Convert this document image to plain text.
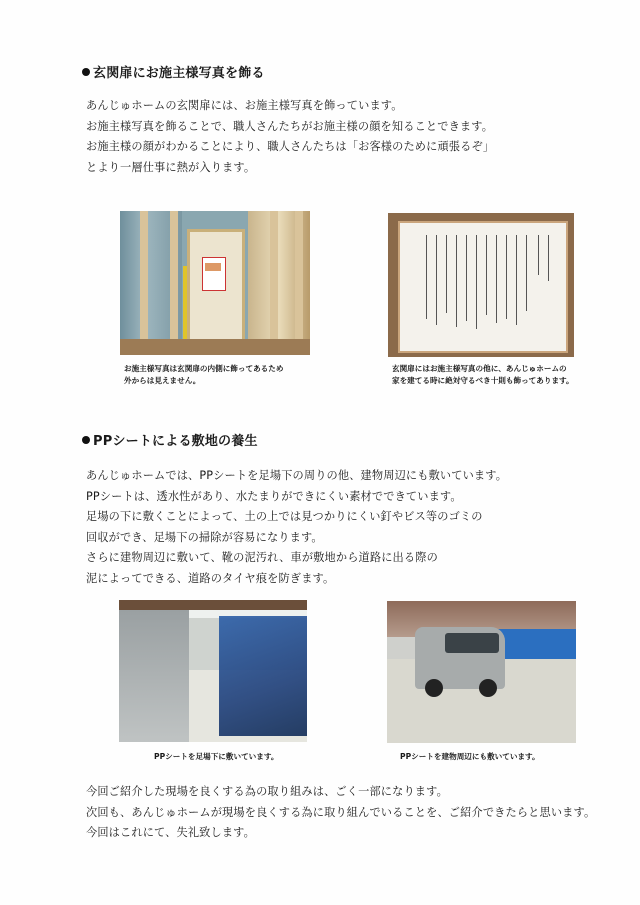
玄関扉にお施主様写真を飾る
あんじゅホームの玄関扉には、お施主様写真を飾っています。
お施主様写真を飾ることで、職人さんたちがお施主様の顔を知ることできます。
お施主様の顔がわかることにより、職人さんたちは「お客様のために頑張るぞ」
とより一層仕事に熱が入ります。
お施主様写真は玄関扉の内側に飾ってあるため
外からは見えません。
玄関扉にはお施主様写真の他に、あんじゅホームの
家を建てる時に絶対守るべき十則も飾ってあります。
PPシートによる敷地の養生
あんじゅホームでは、PPシートを足場下の周りの他、建物周辺にも敷いています。
PPシートは、透水性があり、水たまりができにくい素材でできています。
足場の下に敷くことによって、土の上では見つかりにくい釘やビス等のゴミの
回収ができ、足場下の掃除が容易になります。
さらに建物周辺に敷いて、靴の泥汚れ、車が敷地から道路に出る際の
泥によってできる、道路のタイヤ痕を防ぎます。
PPシートを足場下に敷いています。	PPシートを建物周辺にも敷いています。
今回ご紹介した現場を良くする為の取り組みは、ごく一部になります。
次回も、あんじゅホームが現場を良くする為に取り組んでいることを、ご紹介できたらと思います。
今回はこれにて、失礼致します。
